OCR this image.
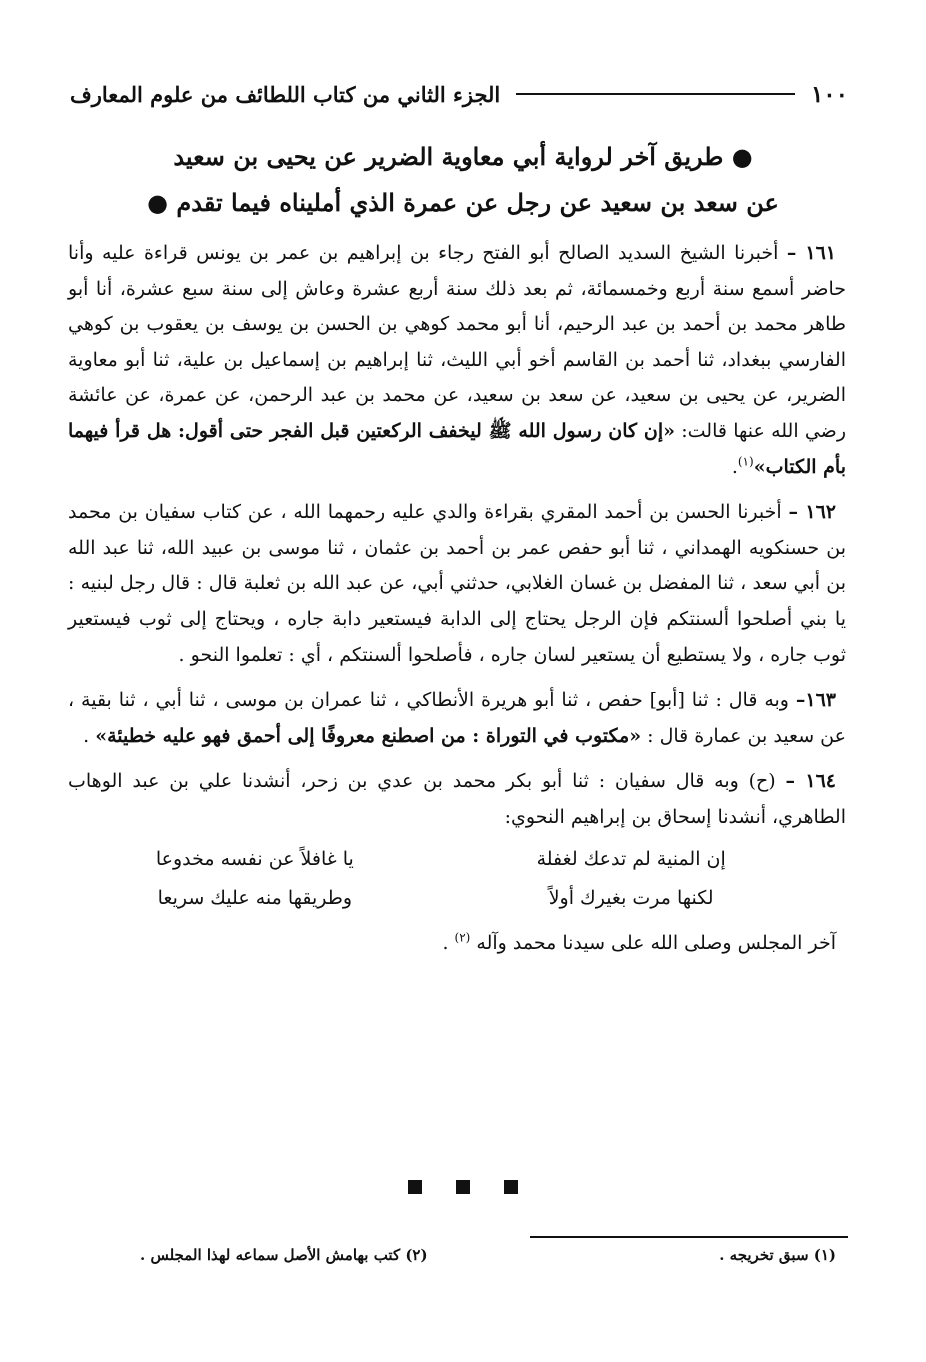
١٠٠
الجزء الثاني من كتاب اللطائف من علوم المعارف
● طريق آخر لرواية أبي معاوية الضرير عن يحيى بن سعيد
عن سعد بن سعيد عن رجل عن عمرة الذي أمليناه فيما تقدم ●

١٦١ – أخبرنا الشيخ السديد الصالح أبو الفتح رجاء بن إبراهيم بن عمر بن يونس قراءة عليه وأنا حاضر أسمع سنة أربع وخمسمائة، ثم بعد ذلك سنة أربع عشرة وعاش إلى سنة سبع عشرة، أنا أبو طاهر محمد بن أحمد بن عبد الرحيم، أنا أبو محمد كوهي بن الحسن بن يوسف بن يعقوب بن كوهي الفارسي ببغداد، ثنا أحمد بن القاسم أخو أبي الليث، ثنا إبراهيم بن إسماعيل بن علية، ثنا أبو معاوية الضرير، عن يحيى بن سعيد، عن سعد بن سعيد، عن محمد بن عبد الرحمن، عن عمرة، عن عائشة رضي الله عنها قالت: «إن كان رسول الله ﷺ ليخفف الركعتين قبل الفجر حتى أقول: هل قرأ فيهما بأم الكتاب»$^{(١)}$.

١٦٢ – أخبرنا الحسن بن أحمد المقري بقراءة والدي عليه رحمهما الله ، عن كتاب سفيان بن محمد بن حسنكويه الهمداني ، ثنا أبو حفص عمر بن أحمد بن عثمان ، ثنا موسى بن عبيد الله، ثنا عبد الله بن أبي سعد ، ثنا المفضل بن غسان الغلابي، حدثني أبي، عن عبد الله بن ثعلبة قال : قال رجل لبنيه : يا بني أصلحوا ألسنتكم فإن الرجل يحتاج إلى الدابة فيستعير دابة جاره ، ويحتاج إلى ثوب فيستعير ثوب جاره ، ولا يستطيع أن يستعير لسان جاره ، فأصلحوا ألسنتكم ، أي : تعلموا النحو .

١٦٣– وبه قال : ثنا [أبو] حفص ، ثنا أبو هريرة الأنطاكي ، ثنا عمران بن موسى ، ثنا أبي ، ثنا بقية ، عن سعيد بن عمارة قال : «مكتوب في التوراة : من اصطنع معروفًا إلى أحمق فهو عليه خطيئة» .

١٦٤ – (ح) وبه قال سفيان : ثنا أبو بكر محمد بن عدي بن زحر، أنشدنا علي بن عبد الوهاب الطاهري، أنشدنا إسحاق بن إبراهيم النحوي:

إن المنية لم تدعك لغفلة
يا غافلاً عن نفسه مخدوعا
لكنها مرت بغيرك أولاً
وطريقها منه عليك سريعا

آخر المجلس وصلى الله على سيدنا محمد وآله $^{(٢)}$ .

(١) سبق تخريجه .
(٢) كتب بهامش الأصل سماعه لهذا المجلس .
